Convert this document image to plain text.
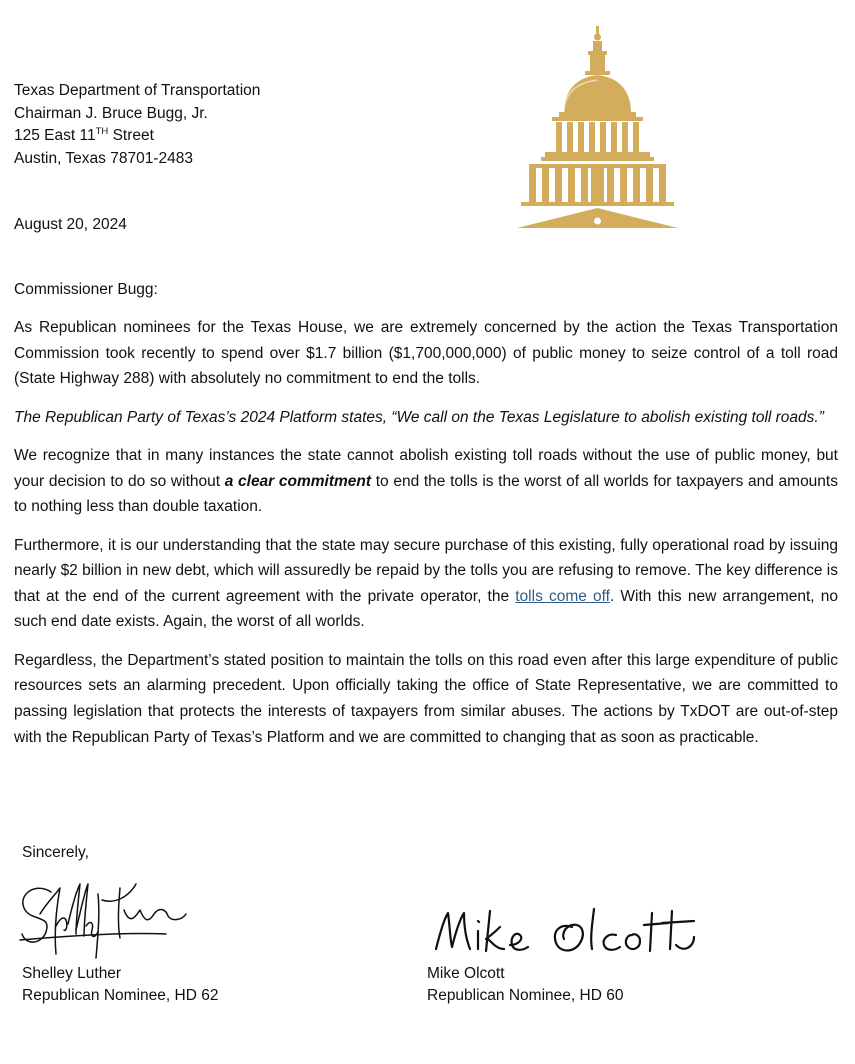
Texas Department of Transportation
Chairman J. Bruce Bugg, Jr.
125 East 11TH Street
Austin, Texas 78701-2483
August 20, 2024
Commissioner Bugg:

As Republican nominees for the Texas House, we are extremely concerned by the action the Texas Transportation Commission took recently to spend over $1.7 billion ($1,700,000,000) of public money to seize control of a toll road (State Highway 288) with absolutely no commitment to end the tolls.

The Republican Party of Texas’s 2024 Platform states, “We call on the Texas Legislature to abolish existing toll roads.”

We recognize that in many instances the state cannot abolish existing toll roads without the use of public money, but your decision to do so without a clear commitment to end the tolls is the worst of all worlds for taxpayers and amounts to nothing less than double taxation.

Furthermore, it is our understanding that the state may secure purchase of this existing, fully operational road by issuing nearly $2 billion in new debt, which will assuredly be repaid by the tolls you are refusing to remove. The key difference is that at the end of the current agreement with the private operator, the tolls come off. With this new arrangement, no such end date exists. Again, the worst of all worlds.

Regardless, the Department’s stated position to maintain the tolls on this road even after this large expenditure of public resources sets an alarming precedent. Upon officially taking the office of State Representative, we are committed to passing legislation that protects the interests of taxpayers from similar abuses. The actions by TxDOT are out-of-step with the Republican Party of Texas’s Platform and we are committed to changing that as soon as practicable.

Sincerely,
Shelley Luther
Republican Nominee, HD 62
Mike Olcott
Republican Nominee, HD 60
